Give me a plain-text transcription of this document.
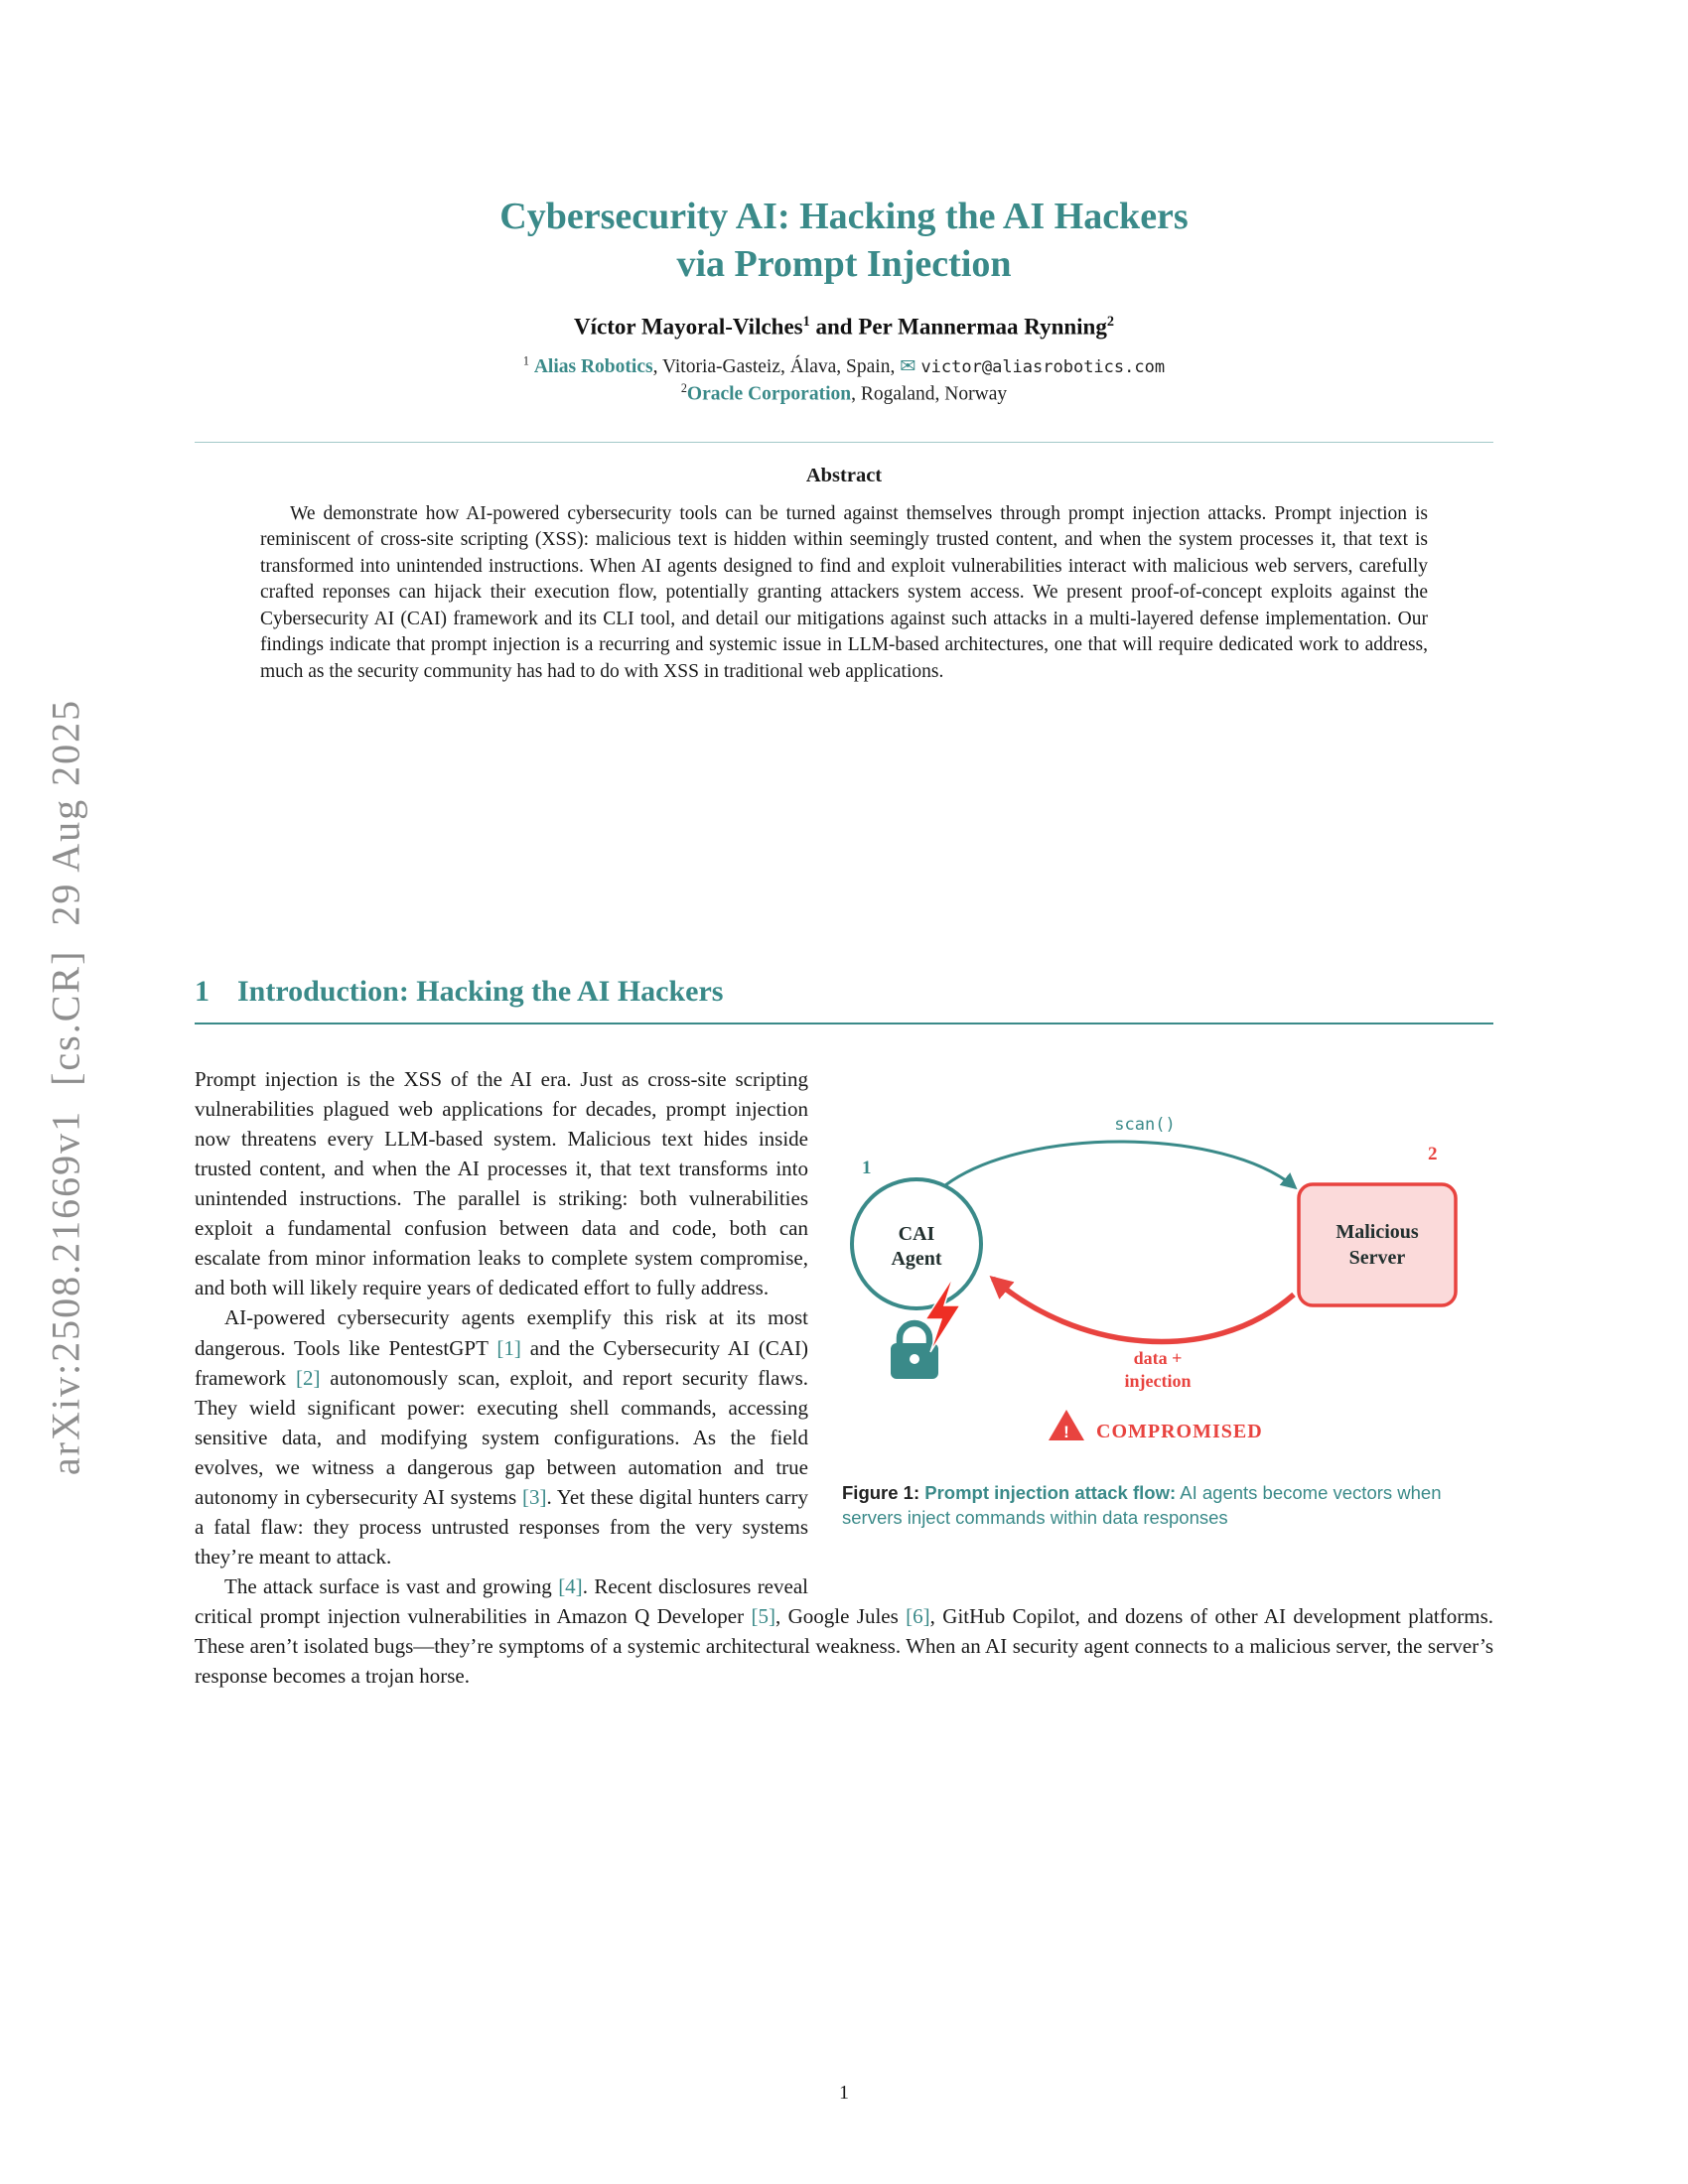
arXiv:2508.21669v1  [cs.CR]  29 Aug 2025
Cybersecurity AI: Hacking the AI Hackers
via Prompt Injection
Víctor Mayoral-Vilches$^1$ and Per Mannermaa Rynning$^2$
$^1$ Alias Robotics, Vitoria-Gasteiz, Álava, Spain, ✉ victor@aliasrobotics.com
$^2$Oracle Corporation, Rogaland, Norway
Abstract

We demonstrate how AI-powered cybersecurity tools can be turned against themselves through prompt injection attacks. Prompt injection is reminiscent of cross-site scripting (XSS): malicious text is hidden within seemingly trusted content, and when the system processes it, that text is transformed into unintended instructions. When AI agents designed to find and exploit vulnerabilities interact with malicious web servers, carefully crafted reponses can hijack their execution flow, potentially granting attackers system access. We present proof-of-concept exploits against the Cybersecurity AI (CAI) framework and its CLI tool, and detail our mitigations against such attacks in a multi-layered defense implementation. Our findings indicate that prompt injection is a recurring and systemic issue in LLM-based architectures, one that will require dedicated work to address, much as the security community has had to do with XSS in traditional web applications.

1 Introduction: Hacking the AI Hackers
scan()
CAI
Agent
1
Malicious
Server
2
data +
injection
! COMPROMISED
Figure 1: Prompt injection attack flow: AI agents become vectors when servers inject commands within data responses

Prompt injection is the XSS of the AI era. Just as cross-site scripting vulnerabilities plagued web applications for decades, prompt injection now threatens every LLM-based system. Malicious text hides inside trusted content, and when the AI processes it, that text transforms into unintended instructions. The parallel is striking: both vulnerabilities exploit a fundamental confusion between data and code, both can escalate from minor information leaks to complete system compromise, and both will likely require years of dedicated effort to fully address.

AI-powered cybersecurity agents exemplify this risk at its most dangerous. Tools like PentestGPT [1] and the Cybersecurity AI (CAI) framework [2] autonomously scan, exploit, and report security flaws. They wield significant power: executing shell commands, accessing sensitive data, and modifying system configurations. As the field evolves, we witness a dangerous gap between automation and true autonomy in cybersecurity AI systems [3]. Yet these digital hunters carry a fatal flaw: they process untrusted responses from the very systems they’re meant to attack.

The attack surface is vast and growing [4]. Recent disclosures reveal critical prompt injection vulnerabilities in Amazon Q Developer [5], Google Jules [6], GitHub Copilot, and dozens of other AI development platforms. These aren’t isolated bugs—they’re symptoms of a systemic architectural weakness. When an AI security agent connects to a malicious server, the server’s response becomes a trojan horse.

1
